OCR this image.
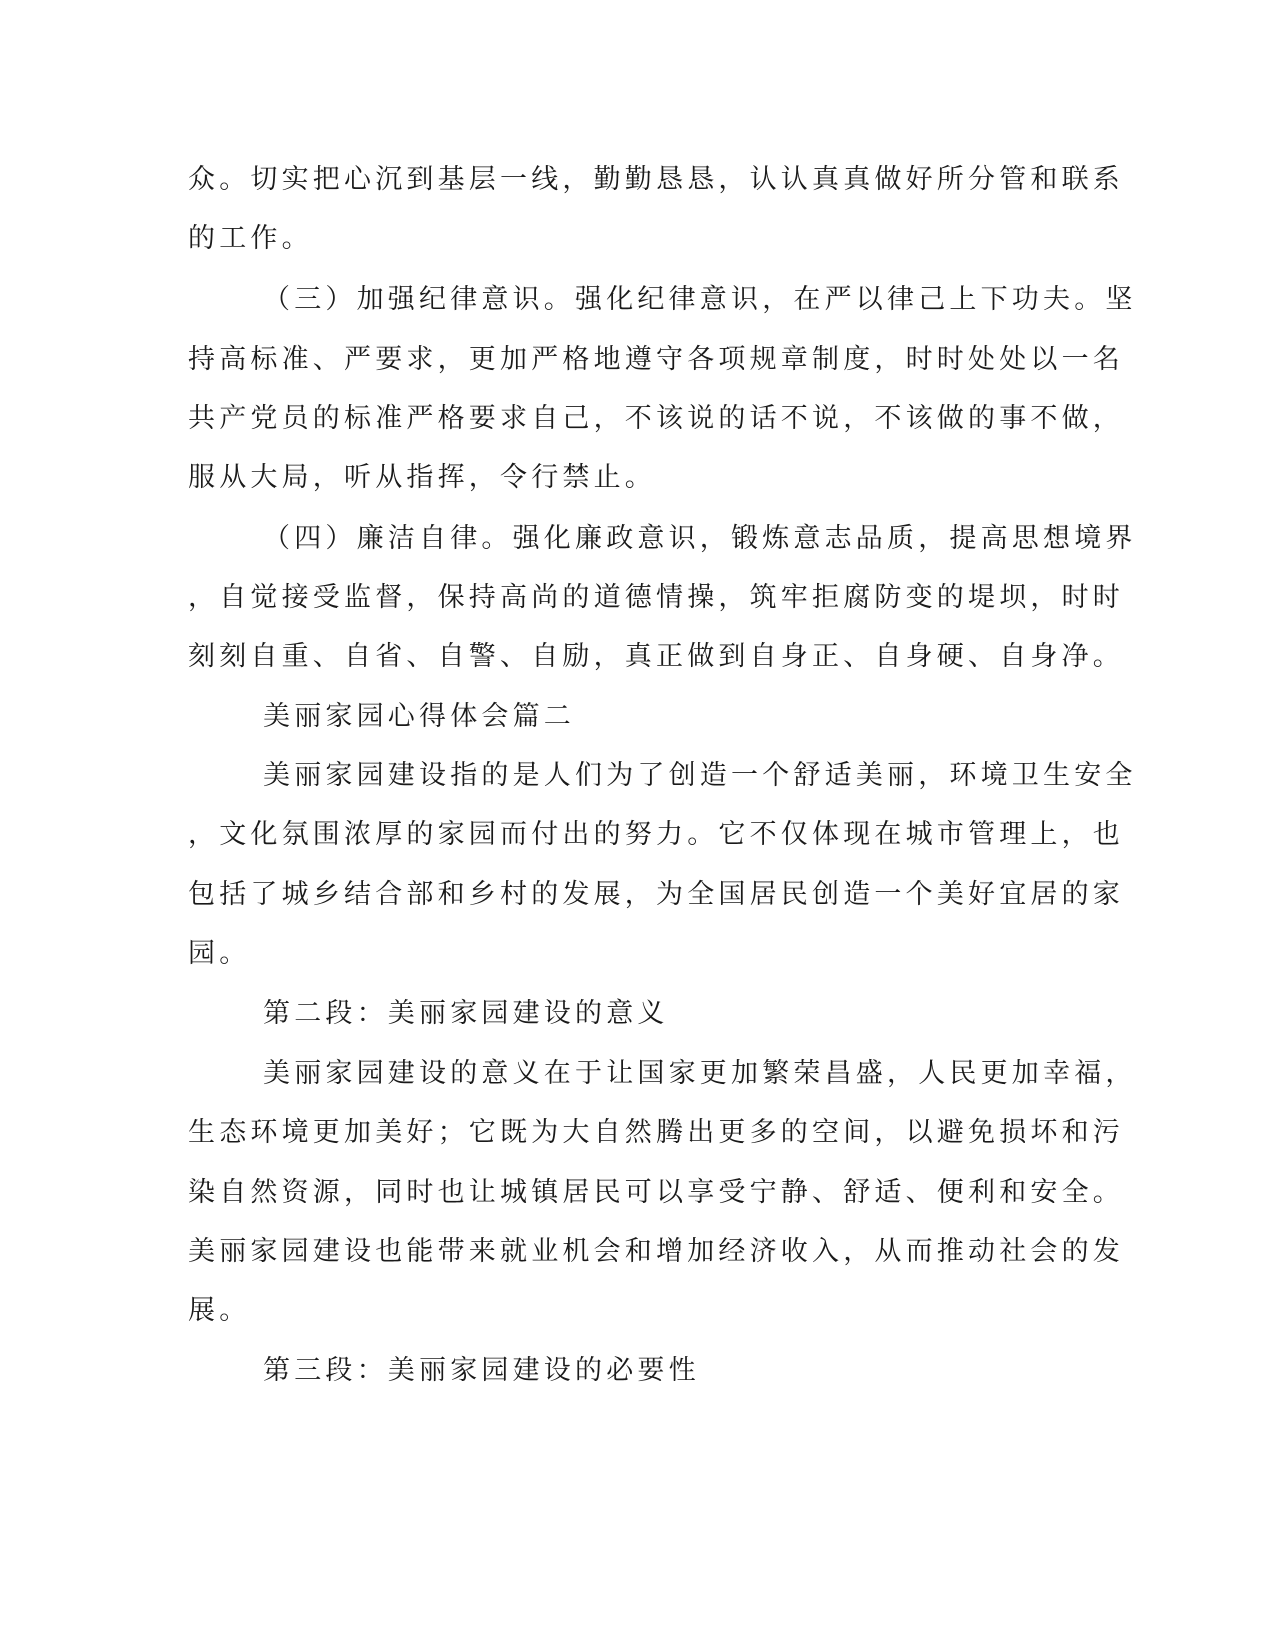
众。切实把心沉到基层一线，勤勤恳恳，认认真真做好所分管和联系

的工作。

（三）加强纪律意识。强化纪律意识，在严以律己上下功夫。坚

持高标准、严要求，更加严格地遵守各项规章制度，时时处处以一名

共产党员的标准严格要求自己，不该说的话不说，不该做的事不做，

服从大局，听从指挥，令行禁止。

（四）廉洁自律。强化廉政意识，锻炼意志品质，提高思想境界

，自觉接受监督，保持高尚的道德情操，筑牢拒腐防变的堤坝，时时

刻刻自重、自省、自警、自励，真正做到自身正、自身硬、自身净。

美丽家园心得体会篇二

美丽家园建设指的是人们为了创造一个舒适美丽，环境卫生安全

，文化氛围浓厚的家园而付出的努力。它不仅体现在城市管理上，也

包括了城乡结合部和乡村的发展，为全国居民创造一个美好宜居的家

园。

第二段：美丽家园建设的意义

美丽家园建设的意义在于让国家更加繁荣昌盛，人民更加幸福，

生态环境更加美好；它既为大自然腾出更多的空间，以避免损坏和污

染自然资源，同时也让城镇居民可以享受宁静、舒适、便利和安全。

美丽家园建设也能带来就业机会和增加经济收入，从而推动社会的发

展。

第三段：美丽家园建设的必要性
